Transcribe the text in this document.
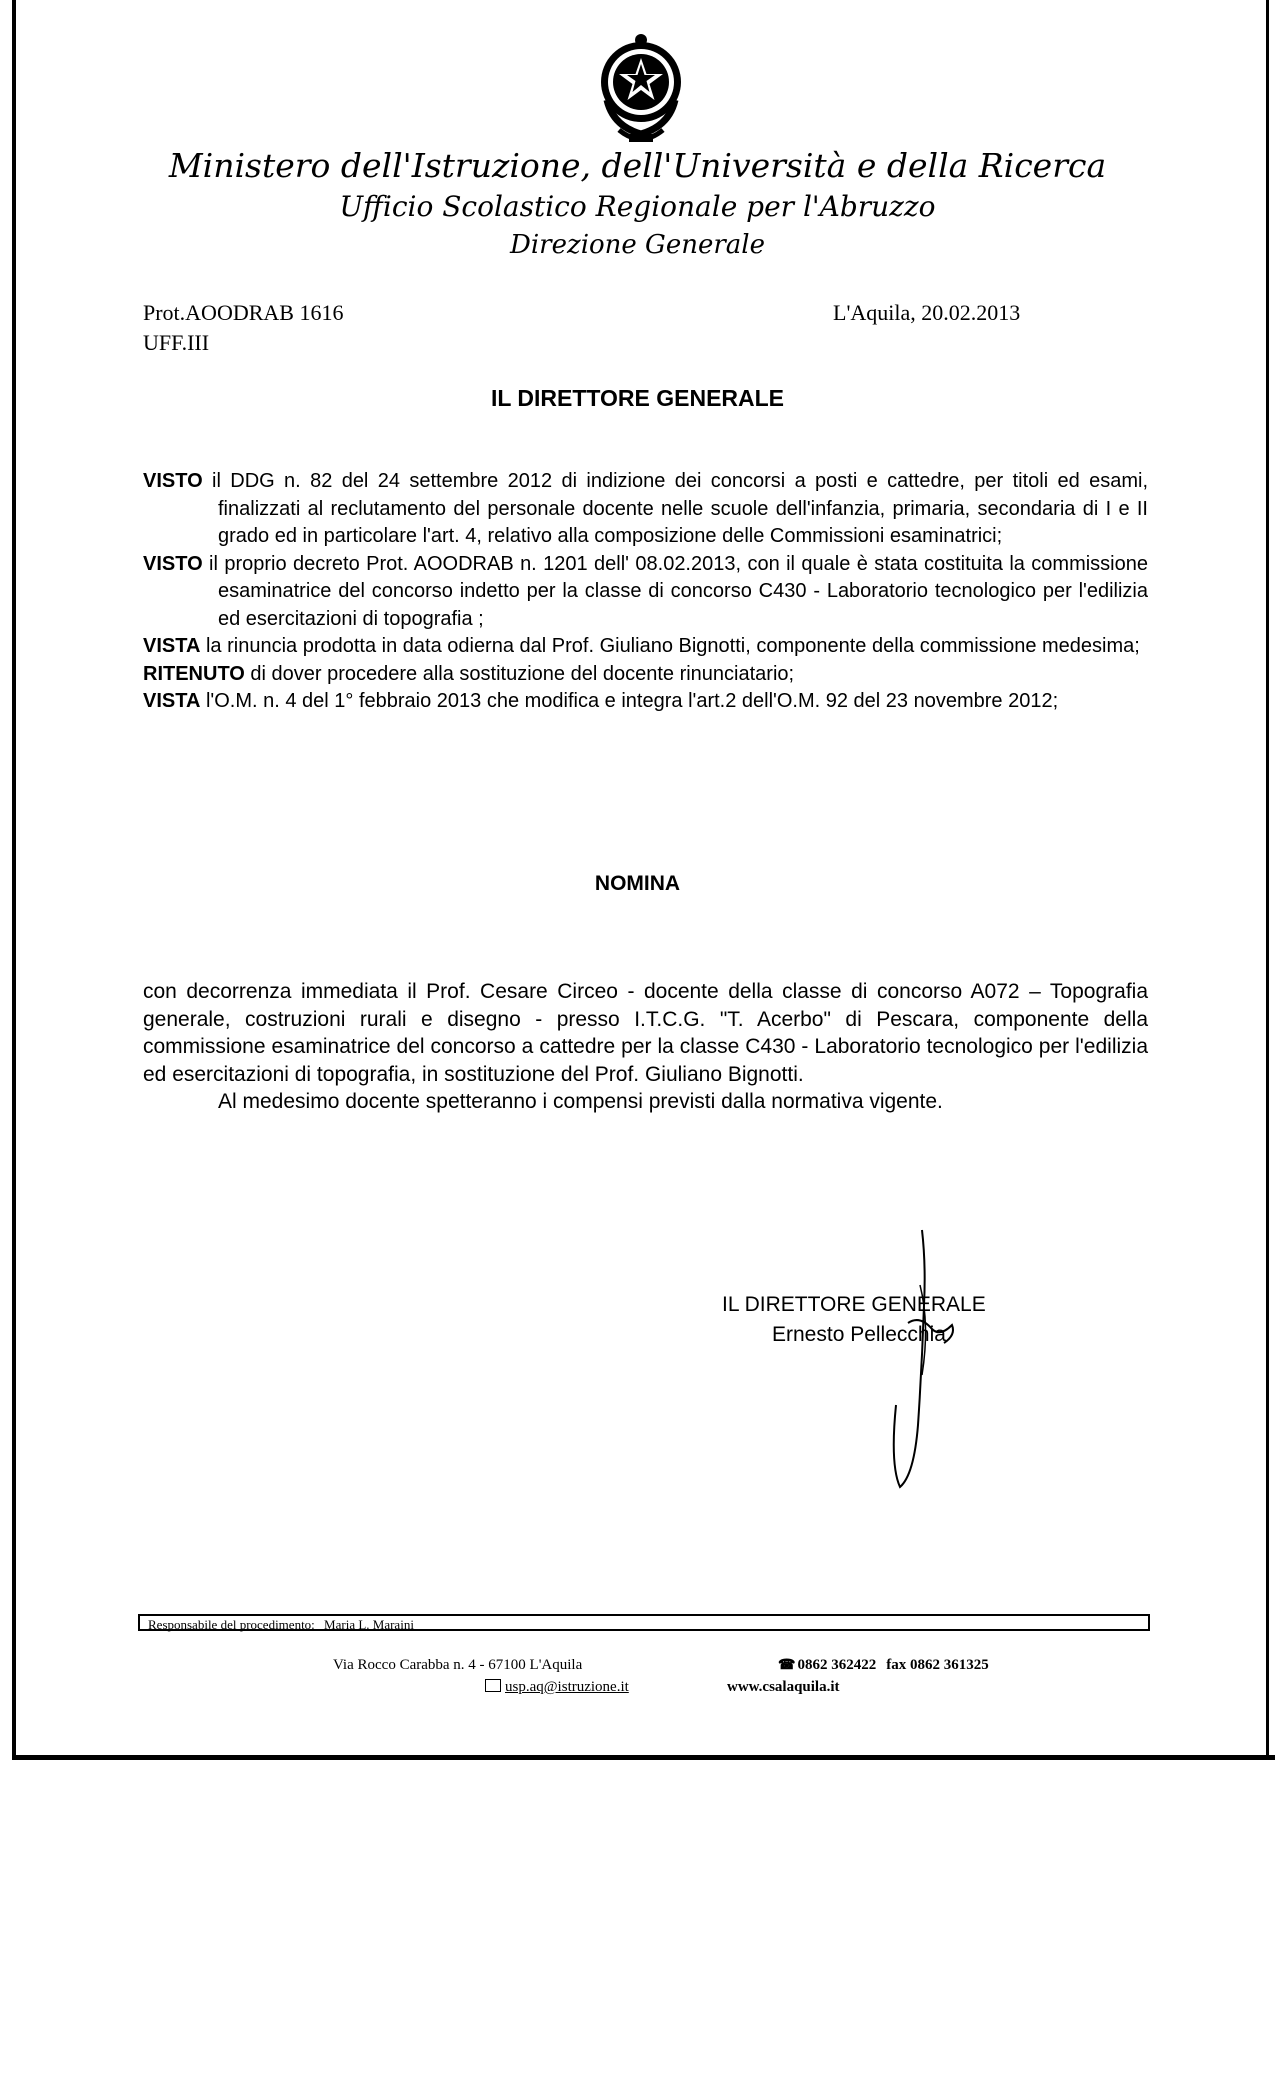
Ministero dell'Istruzione, dell'Università e della Ricerca
Ufficio Scolastico Regionale per l'Abruzzo
Direzione Generale
Prot.AOODRAB 1616
UFF.III
L'Aquila, 20.02.2013
IL DIRETTORE GENERALE

VISTO il DDG n. 82 del 24 settembre 2012 di indizione dei concorsi a posti e cattedre, per titoli ed esami, finalizzati al reclutamento del personale docente nelle scuole dell'infanzia, primaria, secondaria di I e II grado ed in particolare l'art. 4, relativo alla composizione delle Commissioni esaminatrici;

VISTO il proprio decreto Prot. AOODRAB n. 1201 dell' 08.02.2013, con il quale è stata costituita la commissione esaminatrice del concorso indetto per la classe di concorso C430 - Laboratorio tecnologico per l'edilizia ed esercitazioni di topografia ;

VISTA la rinuncia prodotta in data odierna dal Prof. Giuliano Bignotti, componente della commissione medesima;

RITENUTO di dover procedere alla sostituzione del docente rinunciatario;

VISTA l'O.M. n. 4 del 1° febbraio 2013 che modifica e integra l'art.2 dell'O.M. 92 del 23 novembre 2012;

NOMINA

con decorrenza immediata il Prof. Cesare Circeo - docente della classe di concorso A072 – Topografia generale, costruzioni rurali e disegno - presso I.T.C.G. "T. Acerbo" di Pescara, componente della commissione esaminatrice del concorso a cattedre per la classe C430 - Laboratorio tecnologico per l'edilizia ed esercitazioni di topografia, in sostituzione del Prof. Giuliano Bignotti.

Al medesimo docente spetteranno i compensi previsti dalla normativa vigente.

IL DIRETTORE GENERALE
Ernesto Pellecchia
Responsabile del procedimento: Maria L. Maraini
Via Rocco Carabba n. 4 - 67100 L'Aquila
usp.aq@istruzione.it
☎ 0862 362422 fax 0862 361325
www.csalaquila.it
